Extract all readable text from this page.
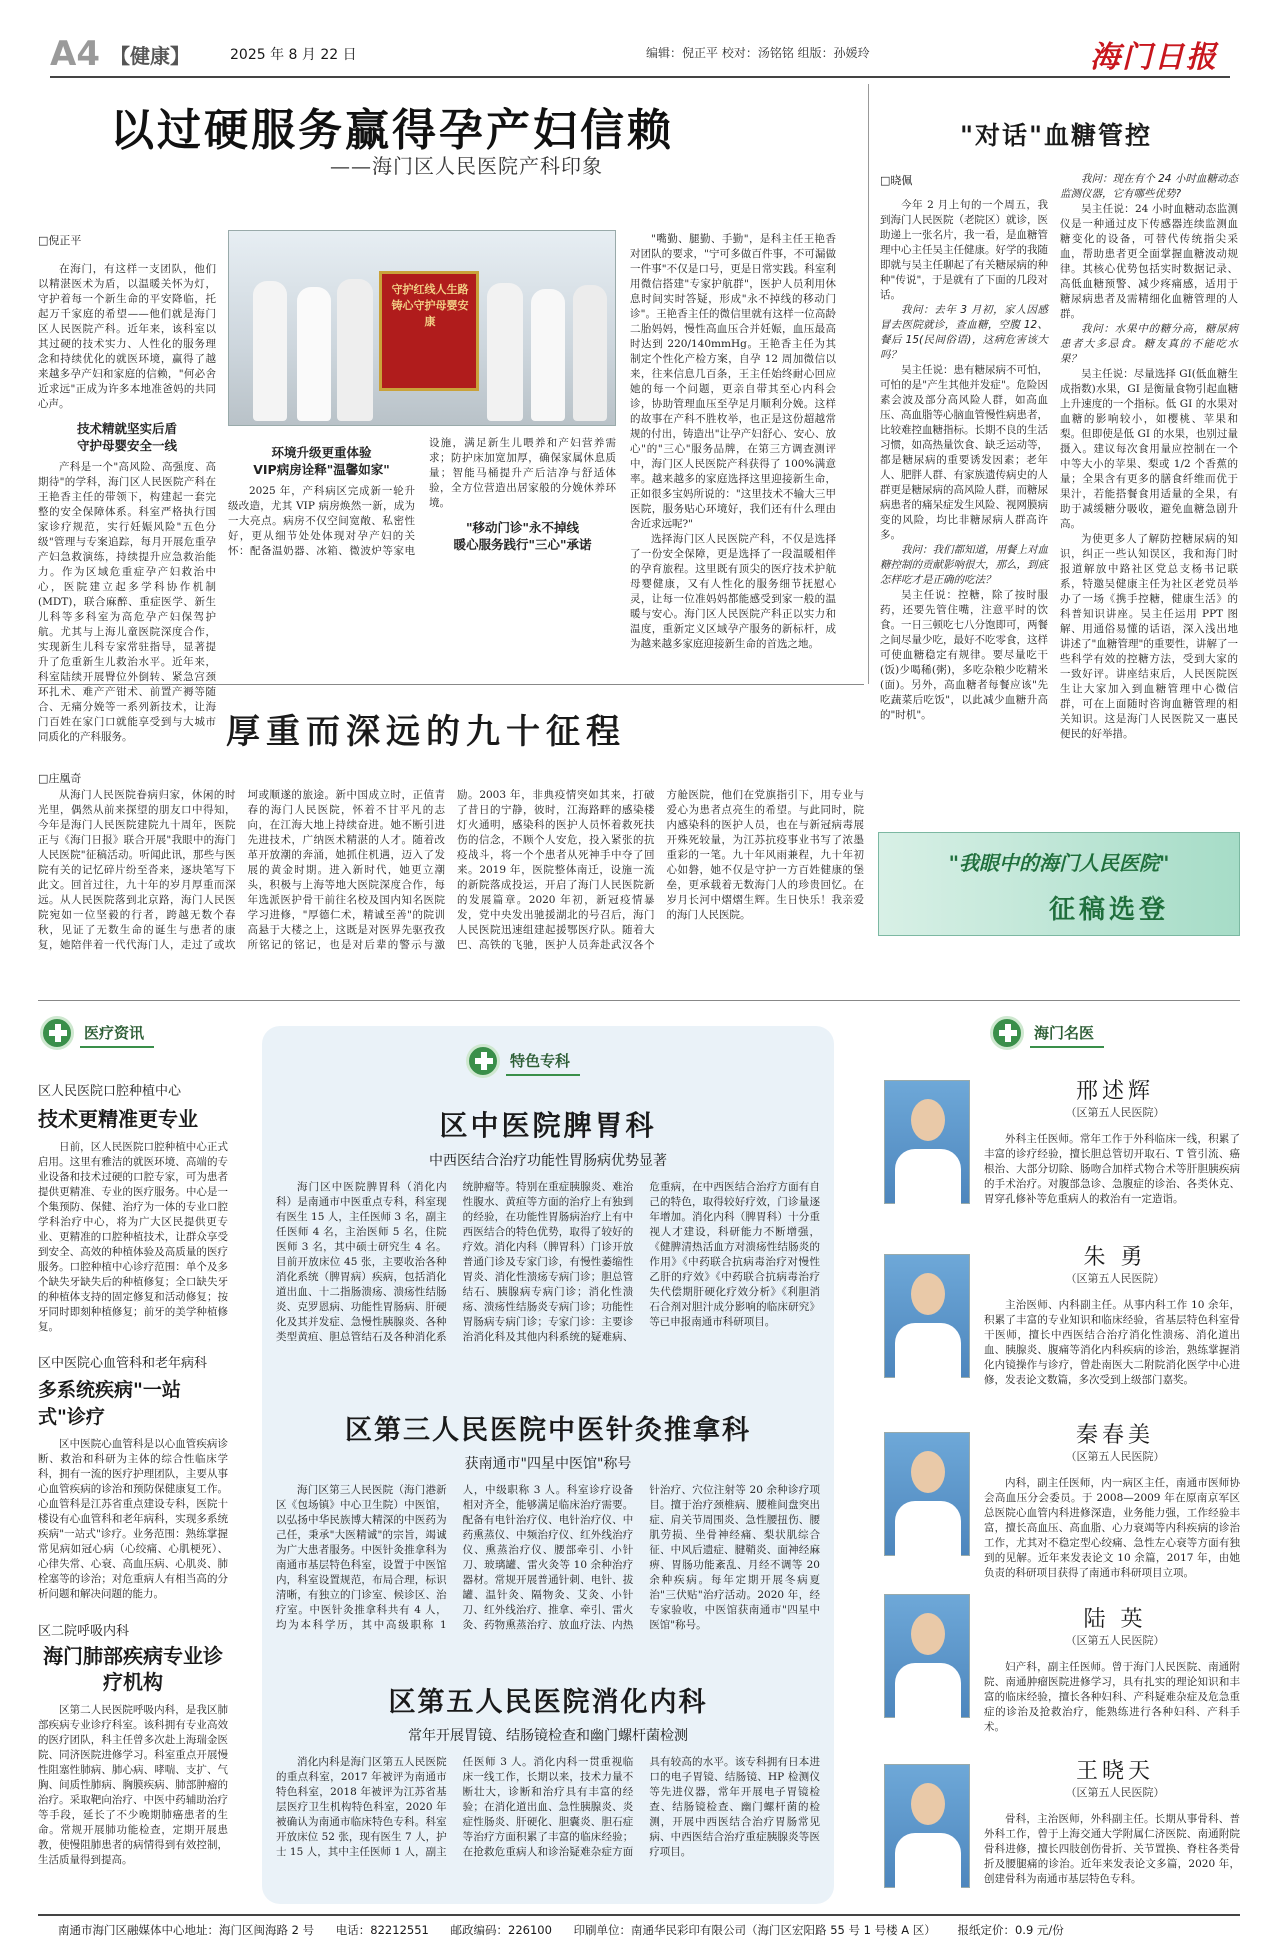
A4 【健康】	2025 年 8 月 22 日	编辑：倪正平 校对：汤铭铭 组版：孙媛玲	海门日报
以过硬服务赢得孕产妇信赖
——海门区人民医院产科印象
□倪正平

在海门，有这样一支团队，他们以精湛医术为盾，以温暖关怀为灯，守护着每一个新生命的平安降临，托起万千家庭的希望——他们就是海门区人民医院产科。近年来，该科室以其过硬的技术实力、人性化的服务理念和持续优化的就医环境，赢得了越来越多孕产妇和家庭的信赖，"何必舍近求远"正成为许多本地准爸妈的共同心声。

技术精就坚实后盾
守护母婴安全一线

产科是一个"高风险、高强度、高期待"的学科，海门区人民医院产科在王艳香主任的带领下，构建起一套完整的安全保障体系。科室严格执行国家诊疗规范，实行妊娠风险"五色分级"管理与专案追踪，每月开展危重孕产妇急救演练，持续提升应急救治能力。作为区域危重症孕产妇救治中心，医院建立起多学科协作机制(MDT)，联合麻醉、重症医学、新生儿科等多科室为高危孕产妇保驾护航。尤其与上海儿童医院深度合作，实现新生儿科专家常驻指导，显著提升了危重新生儿救治水平。近年来，科室陆续开展臀位外倒转、紧急宫颈环扎术、难产产钳术、前置产褥等随合、无痛分娩等一系列新技术，让海门百姓在家门口就能享受到与大城市同质化的产科服务。

守护红线人生路 铸心守护母婴安康

环境升级更重体验
VIP病房诠释"温馨如家"

2025 年，产科病区完成新一轮升级改造，尤其 VIP 病房焕然一新，成为一大亮点。病房不仅空间宽敞、私密性好，更从细节处处体现对孕产妇的关怀：配备温奶器、冰箱、微波炉等家电设施，满足新生儿喂养和产妇营养需求；防护床加宽加厚，确保家属休息质量；智能马桶提升产后洁净与舒适体验，全方位营造出居家般的分娩休养环境。

"移动门诊"永不掉线
暖心服务践行"三心"承诺

"嘴勤、腿勤、手勤"，是科主任王艳香对团队的要求，"宁可多做百件事，不可漏做一件事"不仅是口号，更是日常实践。科室利用微信搭建"专家护航群"，医护人员利用休息时间实时答疑，形成"永不掉线的移动门诊"。王艳香主任的微信里就有这样一位高龄二胎妈妈，慢性高血压合并妊娠，血压最高时达到 220/140mmHg。王艳香主任为其制定个性化产检方案，自孕 12 周加微信以来，往来信息几百条，王主任始终耐心回应她的每一个问题，更亲自带其至心内科会诊，协助管理血压至孕足月顺利分娩。这样的故事在产科不胜枚举，也正是这份超越常规的付出，铸造出"让孕产妇舒心、安心、放心"的"三心"服务品牌，在第三方调查测评中，海门区人民医院产科获得了 100%满意率。越来越多的家庭选择这里迎接新生命，正如很多宝妈所说的："这里技术不输大三甲医院，服务贴心环境好，我们还有什么理由舍近求远呢?"

选择海门区人民医院产科，不仅是选择了一份安全保障，更是选择了一段温暖相伴的孕育旅程。这里既有顶尖的医疗技术护航母婴健康，又有人性化的服务细节抚慰心灵，让每一位准妈妈都能感受到家一般的温暖与安心。海门区人民医院产科正以实力和温度，重新定义区域孕产服务的新标杆，成为越来越多家庭迎接新生命的首选之地。

"对话"血糖管控
□晓佩

今年 2 月上旬的一个周五，我到海门人民医院（老院区）就诊，医助递上一张名片，我一看，是血糖管理中心主任吴主任健康。好学的我随即就与吴主任聊起了有关糖尿病的种种"传说"，于是就有了下面的几段对话。

我问：去年 3 月初，家人因感冒去医院就诊，查血糖，空腹 12、餐后 15(民间俗语)，这病危害该大吗？

吴主任说：患有糖尿病不可怕，可怕的是"产生其他并发症"。危险因素会波及部分高风险人群，如高血压、高血脂等心脑血管慢性病患者，比较难控血糖指标。长期不良的生活习惯，如高热量饮食、缺乏运动等，都是糖尿病的重要诱发因素；老年人、肥胖人群、有家族遗传病史的人群更是糖尿病的高风险人群，而糖尿病患者的痛呆症发生风险、视网膜病变的风险，均比非糖尿病人群高许多。

我问：我们都知道，用餐上对血糖控制的贡献影响很大，那么，到底怎样吃才是正确的吃法？

吴主任说：控糖，除了按时服药，还要先管住嘴，注意平时的饮食。一日三顿吃七八分饱即可，两餐之间尽量少吃，最好不吃零食，这样可使血糖稳定有规律。要尽量吃干(饭)少喝稀(粥)，多吃杂粮少吃精米(面)。另外，高血糖者每餐应该"先吃蔬菜后吃饭"，以此减少血糖升高的"时机"。

我问：现在有个 24 小时血糖动态监测仪器，它有哪些优势?

吴主任说：24 小时血糖动态监测仪是一种通过皮下传感器连续监测血糖变化的设备，可替代传统指尖采血，帮助患者更全面掌握血糖波动规律。其核心优势包括实时数据记录、高低血糖预警、减少疼痛感，适用于糖尿病患者及需精细化血糖管理的人群。

我问：水果中的糖分高，糖尿病患者大多忌食。糖友真的不能吃水果？

吴主任说：尽量选择 GI(低血糖生成指数)水果，GI 是衡量食物引起血糖上升速度的一个指标。低 GI 的水果对血糖的影响较小，如樱桃、苹果和梨。但即使是低 GI 的水果，也别过量摄入。建议每次食用量应控制在一个中等大小的苹果、梨或 1/2 个香蕉的量；全果含有更多的膳食纤维而优于果汁，若能搭餐食用适量的全果，有助于减缓糖分吸收，避免血糖急剧升高。

为使更多人了解防控糖尿病的知识，纠正一些认知误区，我和海门时报道解放中路社区党总支杨书记联系，特邀吴健康主任为社区老党员举办了一场《携手控糖，健康生活》的科普知识讲座。吴主任运用 PPT 图解、用通俗易懂的话语，深入浅出地讲述了"血糖管理"的重要性，讲解了一些科学有效的控糖方法，受到大家的一致好评。讲座结束后，人民医院医生让大家加入到血糖管理中心微信群，可在上面随时咨询血糖管理的相关知识。这是海门人民医院又一惠民便民的好举措。

"我眼中的海门人民医院"
征稿选登
厚重而深远的九十征程
□庄凰奇
从海门人民医院眷病归家，休闲的时光里，偶然从前来探望的朋友口中得知，今年是海门人民医院建院九十周年，医院正与《海门日报》联合开展"我眼中的海门人民医院"征稿活动。听闻此讯，那些与医院有关的记忆碎片纷至沓来，逐块笔写下此文。回首过往，九十年的岁月厚重而深远。从人民医院落到北京路，海门人民医院宛如一位坚毅的行者，跨越无数个春秋，见证了无数生命的诞生与患者的康复，她陪伴着一代代海门人，走过了或坎坷或顺遂的旅途。新中国成立时，正值青春的海门人民医院，怀着不甘平凡的志向，在江海大地上持续奋进。她不断引进先进技术，广纳医术精湛的人才。随着改革开放潮的奔涌，她抓住机遇，迈入了发展的黄金时期。进入新时代，她更立潮头，积极与上海等地大医院深度合作，每年选派医护骨干前往名校及国内知名医院学习进修，"厚德仁术，精诚至善"的院训高悬于大楼之上，这既是对医界先驱孜孜所铭记的铭记，也是对后辈的警示与激励。2003 年，非典疫情突如其来，打破了昔日的宁静，彼时，江海路畔的感染楼灯火通明，感染科的医护人员怀着救死扶伤的信念，不顾个人安危，投入紧张的抗疫战斗，将一个个患者从死神手中夺了回来。2019 年，医院整体南迁，设施一流的新院落成投运，开启了海门人民医院新的发展篇章。2020 年初，新冠疫情暴发，党中央发出驰援湖北的号召后，海门人民医院迅速组建起援鄂医疗队。随着大巴、高铁的飞驰，医护人员奔赴武汉各个方舱医院，他们在党旗指引下，用专业与爱心为患者点亮生的希望。与此同时，院内感染科的医护人员，也在与新冠病毒展开殊死较量，为江苏抗疫事业书写了浓墨重彩的一笔。九十年风雨兼程，九十年初心如磐，她不仅是守护一方百姓健康的堡垒，更承载着无数海门人的珍贵回忆。在岁月长河中熠熠生辉。生日快乐！我亲爱的海门人民医院。
医疗资讯
区人民医院口腔种植中心
技术更精准更专业
日前，区人民医院口腔种植中心正式启用。这里有雅洁的就医环境、高端的专业设备和技术过硬的口腔专家，可为患者提供更精准、专业的医疗服务。中心是一个集预防、保健、治疗为一体的专业口腔学科治疗中心，将为广大区民提供更专业、更精准的口腔种植技术，让群众享受到安全、高效的种植体验及高质量的医疗服务。口腔种植中心诊疗范围：单个及多个缺失牙缺失后的种植修复；全口缺失牙的种植体支持的固定修复和活动修复；按牙同时即刻种植修复；前牙的美学种植修复。
区中医院心血管科和老年病科
多系统疾病"一站式"诊疗
区中医院心血管科是以心血管疾病诊断、救治和科研为主体的综合性临床学科，拥有一流的医疗护理团队，主要从事心血管疾病的诊治和预防保健康复工作。心血管科是江苏省重点建设专科，医院十楼设有心血管科和老年病科，实现多系统疾病"一站式"诊疗。业务范围：熟练掌握常见病如冠心病（心绞痛、心肌梗死）、心律失常、心衰、高血压病、心肌炎、肺栓塞等的诊治；对危重病人有相当高的分析问题和解决问题的能力。
区二院呼吸内科
海门肺部疾病专业诊疗机构
区第二人民医院呼吸内科，是我区肺部疾病专业诊疗科室。该科拥有专业高效的医疗团队，科主任曾多次赴上海瑞金医院、同济医院进修学习。科室重点开展慢性阻塞性肺病、肺心病、哮喘、支扩、气胸、间质性肺病、胸膜疾病、肺部肿瘤的治疗。采取靶向治疗、中医中药辅助治疗等手段，延长了不少晚期肺癌患者的生命。常规开展肺功能检查，定期开展患教，使慢阻肺患者的病情得到有效控制，生活质量得到提高。
特色专科
区中医院脾胃科
中西医结合治疗功能性胃肠病优势显著
海门区中医院脾胃科（消化内科）是南通市中医重点专科，科室现有医生 15 人，主任医师 3 名，副主任医师 4 名，主治医师 5 名，住院医师 3 名，其中硕士研究生 4 名。目前开放床位 45 张，主要收治各种消化系统（脾胃病）疾病，包括消化道出血、十二指肠溃疡、溃疡性结肠炎、克罗恩病、功能性胃肠病、肝硬化及其并发症、急慢性胰腺炎、各种类型黄疸、胆总管结石及各种消化系统肿瘤等。特别在重症胰腺炎、难治性腹水、黄疸等方面的治疗上有独到的经验，在功能性胃肠病治疗上有中西医结合的特色优势，取得了较好的疗效。消化内科（脾胃科）门诊开放普通门诊及专家门诊，有慢性萎缩性胃炎、消化性溃疡专病门诊；胆总管结石、胰腺病专病门诊；消化性溃疡、溃疡性结肠炎专病门诊；功能性胃肠病专病门诊；专家门诊：主要诊治消化科及其他内科系统的疑难病、危重病，在中西医结合治疗方面有自己的特色，取得较好疗效，门诊量逐年增加。消化内科（脾胃科）十分重视人才建设，科研能力不断增强，《健脾清热活血方对溃疡性结肠炎的作用》《中药联合抗病毒治疗对慢性乙肝的疗效》《中药联合抗病毒治疗失代偿期肝硬化疗效分析》《利胆消石合剂对胆汁成分影响的临床研究》等已申报南通市科研项目。
区第三人民医院中医针灸推拿科
获南通市"四星中医馆"称号
海门区第三人民医院（海门港新区《包场镇》中心卫生院）中医馆，以弘扬中华民族博大精深的中医药为己任，秉承"大医精诚"的宗旨，竭诚为广大患者服务。中医针灸推拿科为南通市基层特色科室，设置于中医馆内，科室设置规范，布局合理，标识清晰，有独立的门诊室、候诊区、治疗室。中医针灸推拿科共有 4 人，均为本科学历，其中高级职称 1 人，中级职称 3 人。科室诊疗设备相对齐全，能够满足临床治疗需要。配备有电针治疗仪、电针治疗仪、中药熏蒸仪、中频治疗仪、红外线治疗仪、熏蒸治疗仪、腰部牵引、小针刀、玻璃罐、雷火灸等 10 余种治疗器材。常规开展普通针刺、电针、拔罐、温针灸、隔物灸、艾灸、小针刀、红外线治疗、推拿、牵引、雷火灸、药物熏蒸治疗、放血疗法、内热针治疗、穴位注射等 20 余种诊疗项目。擅于治疗颈椎病、腰椎间盘突出症、肩关节周围炎、急性腰扭伤、腰肌劳损、坐骨神经痛、梨状肌综合征、中风后遗症、腱鞘炎、面神经麻痹、胃肠功能紊乱、月经不调等 20 余种疾病。每年定期开展冬病夏治"三伏贴"治疗活动。2020 年，经专家验收，中医馆获南通市"四星中医馆"称号。
区第五人民医院消化内科
常年开展胃镜、结肠镜检查和幽门螺杆菌检测
消化内科是海门区第五人民医院的重点科室，2017 年被评为南通市特色科室，2018 年被评为江苏省基层医疗卫生机构特色科室，2020 年被确认为南通市临床特色专科。科室开放床位 52 张，现有医生 7 人，护士 15 人，其中主任医师 1 人，副主任医师 3 人。消化内科一贯重视临床一线工作，长期以来，技术力量不断壮大，诊断和治疗具有丰富的经验；在消化道出血、急性胰腺炎、炎症性肠炎、肝硬化、胆囊炎、胆石症等治疗方面积累了丰富的临床经验；在抢救危重病人和诊治疑难杂症方面具有较高的水平。该专科拥有日本进口的电子胃镜、结肠镜、HP 检测仪等先进仪器，常年开展电子胃镜检查、结肠镜检查、幽门螺杆菌的检测，开展中西医结合治疗胃肠常见病、中西医结合治疗重症胰腺炎等医疗项目。
海门名医
邢述辉
（区第五人民医院）
外科主任医师。常年工作于外科临床一线，积累了丰富的诊疗经验，擅长胆总管切开取石、T 管引流、癌根治、大部分切除、肠吻合加样式物合术等肝胆胰疾病的手术治疗。对腹部急诊、急腹症的诊治、各类休克、胃穿孔修补等危重病人的救治有一定造诣。
朱 勇
（区第五人民医院）
主治医师、内科副主任。从事内科工作 10 余年，积累了丰富的专业知识和临床经验，省基层特色科室骨干医师，擅长中西医结合治疗消化性溃疡、消化道出血、胰腺炎、腹痛等消化内科疾病的诊治，熟练掌握消化内镜操作与诊疗，曾赴南医大二附院消化医学中心进修，发表论文数篇，多次受到上级部门嘉奖。
秦春美
（区第五人民医院）
内科，副主任医师，内一病区主任，南通市医师协会高血压分会委员。于 2008—2009 年在原南京军区总医院心血管内科进修深造，业务能力强，工作经验丰富，擅长高血压、高血脂、心力衰竭等内科疾病的诊治工作，尤其对不稳定型心绞痛、急性左心衰等方面有独到的见解。近年来发表论文 10 余篇，2017 年，由她负责的科研项目获得了南通市科研项目立项。
陆 英
（区第五人民医院）
妇产科，副主任医师。曾于海门人民医院、南通附院、南通肿瘤医院进修学习，具有扎实的理论知识和丰富的临床经验，擅长各种妇科、产科疑难杂症及危急重症的诊治及抢救治疗，能熟练进行各种妇科、产科手术。
王晓天
（区第五人民医院）
骨科，主治医师，外科副主任。长期从事骨科、普外科工作，曾于上海交通大学附属仁济医院、南通附院骨科进修，擅长四肢创伤骨折、关节置换、脊柱各类骨折及腰腿痛的诊治。近年来发表论文多篇，2020 年，创建骨科为南通市基层特色专科。
南通市海门区融媒体中心地址：海门区闽海路 2 号 电话：82212551 邮政编码：226100 印刷单位：南通华民彩印有限公司（海门区宏阳路 55 号 1 号楼 A 区） 报纸定价：0.9 元/份
